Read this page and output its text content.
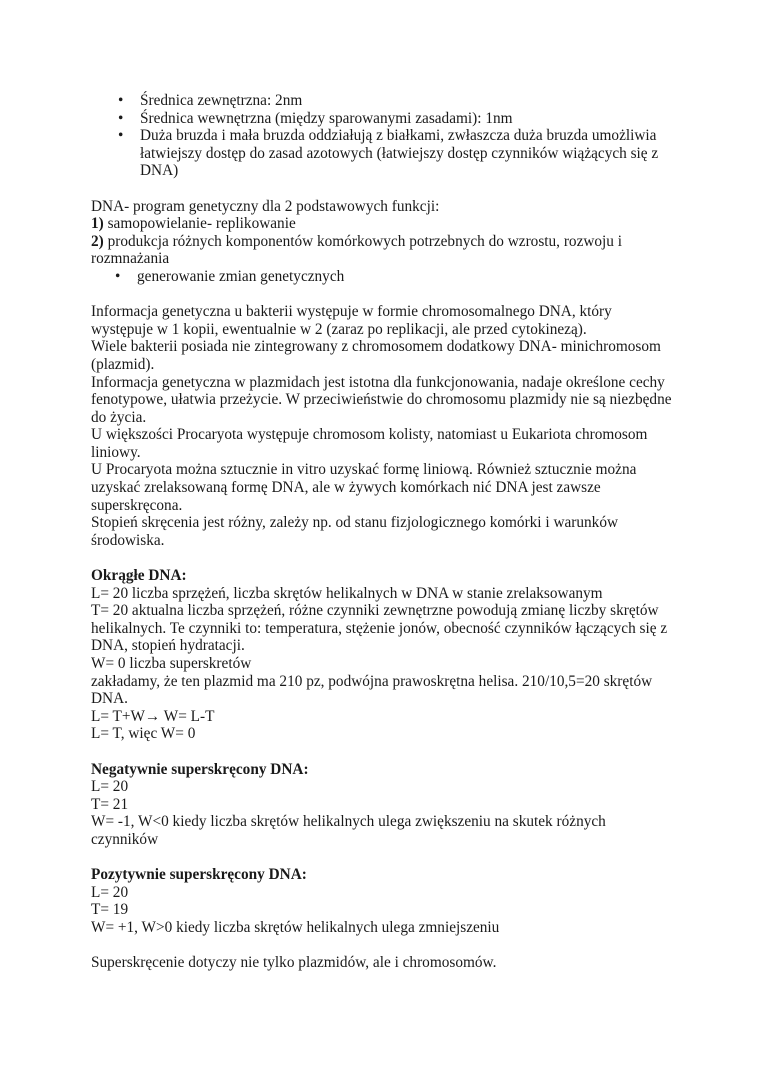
• Średnica zewnętrzna: 2nm
• Średnica wewnętrzna (między sparowanymi zasadami): 1nm
• Duża bruzda i mała bruzda oddziałują z białkami, zwłaszcza duża bruzda umożliwia łatwiejszy dostęp do zasad azotowych (łatwiejszy dostęp czynników wiążących się z DNA)

DNA- program genetyczny dla 2 podstawowych funkcji:

1) samopowielanie- replikowanie

2) produkcja różnych komponentów komórkowych potrzebnych do wzrostu, rozwoju i rozmnażania

• generowanie zmian genetycznych

Informacja genetyczna u bakterii występuje w formie chromosomalnego DNA, który występuje w 1 kopii, ewentualnie w 2 (zaraz po replikacji, ale przed cytokinezą).

Wiele bakterii posiada nie zintegrowany z chromosomem dodatkowy DNA- minichromosom (plazmid).

Informacja genetyczna w plazmidach jest istotna dla funkcjonowania, nadaje określone cechy fenotypowe, ułatwia przeżycie. W przeciwieństwie do chromosomu plazmidy nie są niezbędne do życia.

U większości Procaryota występuje chromosom kolisty, natomiast u Eukariota chromosom liniowy.

U Procaryota można sztucznie in vitro uzyskać formę liniową. Również sztucznie można uzyskać zrelaksowaną formę DNA, ale w żywych komórkach nić DNA jest zawsze superskręcona.

Stopień skręcenia jest różny, zależy np. od stanu fizjologicznego komórki i warunków środowiska.

Okrągłe DNA:

L= 20 liczba sprzężeń, liczba skrętów helikalnych w DNA w stanie zrelaksowanym

T= 20 aktualna liczba sprzężeń, różne czynniki zewnętrzne powodują zmianę liczby skrętów helikalnych. Te czynniki to: temperatura, stężenie jonów, obecność czynników łączących się z DNA, stopień hydratacji.

W= 0 liczba superskretów

zakładamy, że ten plazmid ma 210 pz, podwójna prawoskrętna helisa. 210/10,5=20 skrętów DNA.

L= T+W→ W= L-T

L= T, więc W= 0

Negatywnie superskręcony DNA:

L= 20

T= 21

W= -1, W<0 kiedy liczba skrętów helikalnych ulega zwiększeniu na skutek różnych czynników

Pozytywnie superskręcony DNA:

L= 20

T= 19

W= +1, W>0 kiedy liczba skrętów helikalnych ulega zmniejszeniu

Superskręcenie dotyczy nie tylko plazmidów, ale i chromosomów.
